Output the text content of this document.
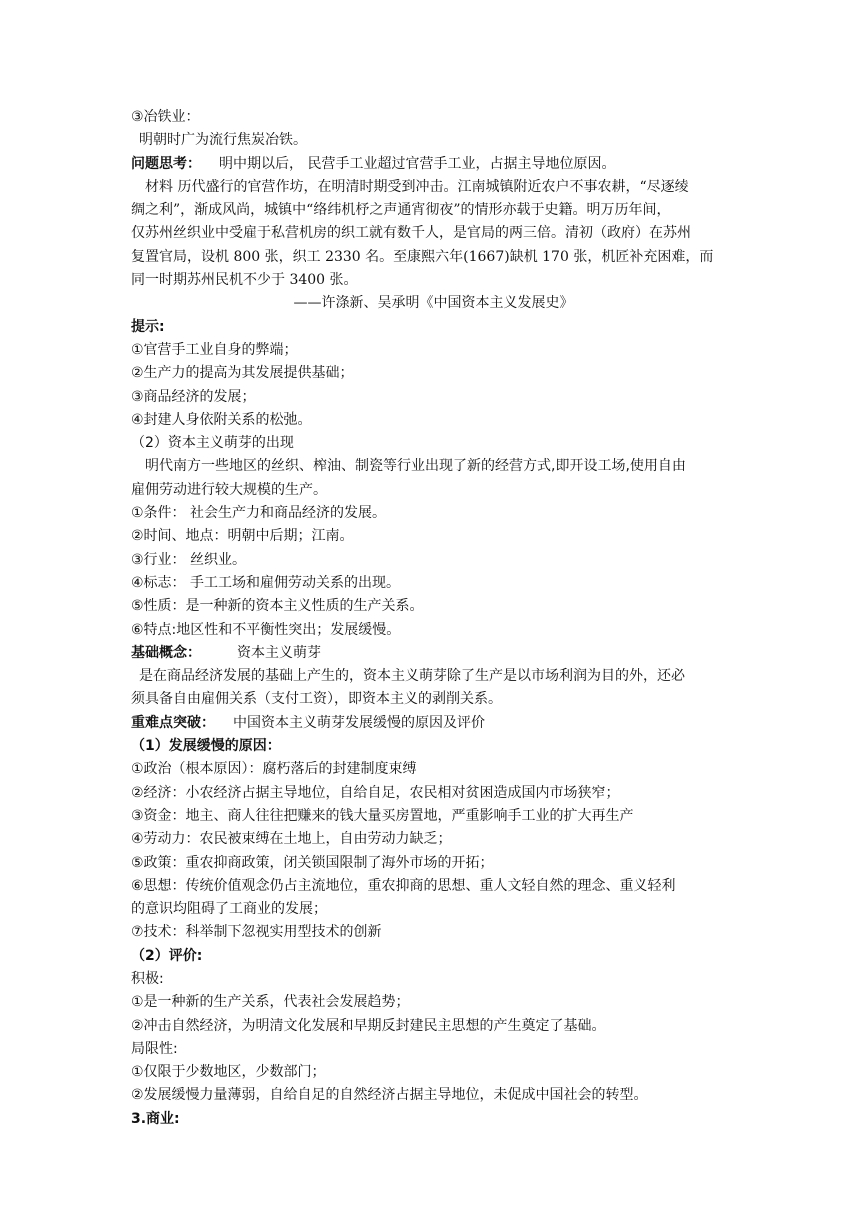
③冶铁业：
明朝时广为流行焦炭冶铁。
问题思考： 明中期以后， 民营手工业超过官营手工业，占据主导地位原因。
材料 历代盛行的官营作坊，在明清时期受到冲击。江南城镇附近农户不事农耕，“尽逐绫
绸之利”，渐成风尚，城镇中“络纬机杼之声通宵彻夜”的情形亦载于史籍。明万历年间，
仅苏州丝织业中受雇于私营机房的织工就有数千人，是官局的两三倍。清初（政府）在苏州
复置官局，设机 800 张，织工 2330 名。至康熙六年(1667)缺机 170 张，机匠补充困难，而
同一时期苏州民机不少于 3400 张。
——许涤新、吴承明《中国资本主义发展史》
提示:
①官营手工业自身的弊端；
②生产力的提高为其发展提供基础；
③商品经济的发展；
④封建人身依附关系的松弛。
（2）资本主义萌芽的出现
明代南方一些地区的丝织、榨油、制瓷等行业出现了新的经营方式,即开设工场,使用自由
雇佣劳动进行较大规模的生产。
①条件： 社会生产力和商品经济的发展。
②时间、地点：明朝中后期；江南。
③行业： 丝织业。
④标志： 手工工场和雇佣劳动关系的出现。
⑤性质：是一种新的资本主义性质的生产关系。
⑥特点:地区性和不平衡性突出；发展缓慢。
基础概念：	资本主义萌芽
是在商品经济发展的基础上产生的，资本主义萌芽除了生产是以市场利润为目的外，还必
须具备自由雇佣关系（支付工资），即资本主义的剥削关系。
重难点突破： 中国资本主义萌芽发展缓慢的原因及评价
（1）发展缓慢的原因：
①政治（根本原因）：腐朽落后的封建制度束缚
②经济：小农经济占据主导地位，自给自足，农民相对贫困造成国内市场狭窄；
③资金：地主、商人往往把赚来的钱大量买房置地，严重影响手工业的扩大再生产
④劳动力：农民被束缚在土地上，自由劳动力缺乏；
⑤政策：重农抑商政策，闭关锁国限制了海外市场的开拓；
⑥思想：传统价值观念仍占主流地位，重农抑商的思想、重人文轻自然的理念、重义轻利
的意识均阻碍了工商业的发展；
⑦技术：科举制下忽视实用型技术的创新
（2）评价:
积极:
①是一种新的生产关系，代表社会发展趋势；
②冲击自然经济，为明清文化发展和早期反封建民主思想的产生奠定了基础。
局限性:
①仅限于少数地区，少数部门；
②发展缓慢力量薄弱，自给自足的自然经济占据主导地位，未促成中国社会的转型。
3.商业:
